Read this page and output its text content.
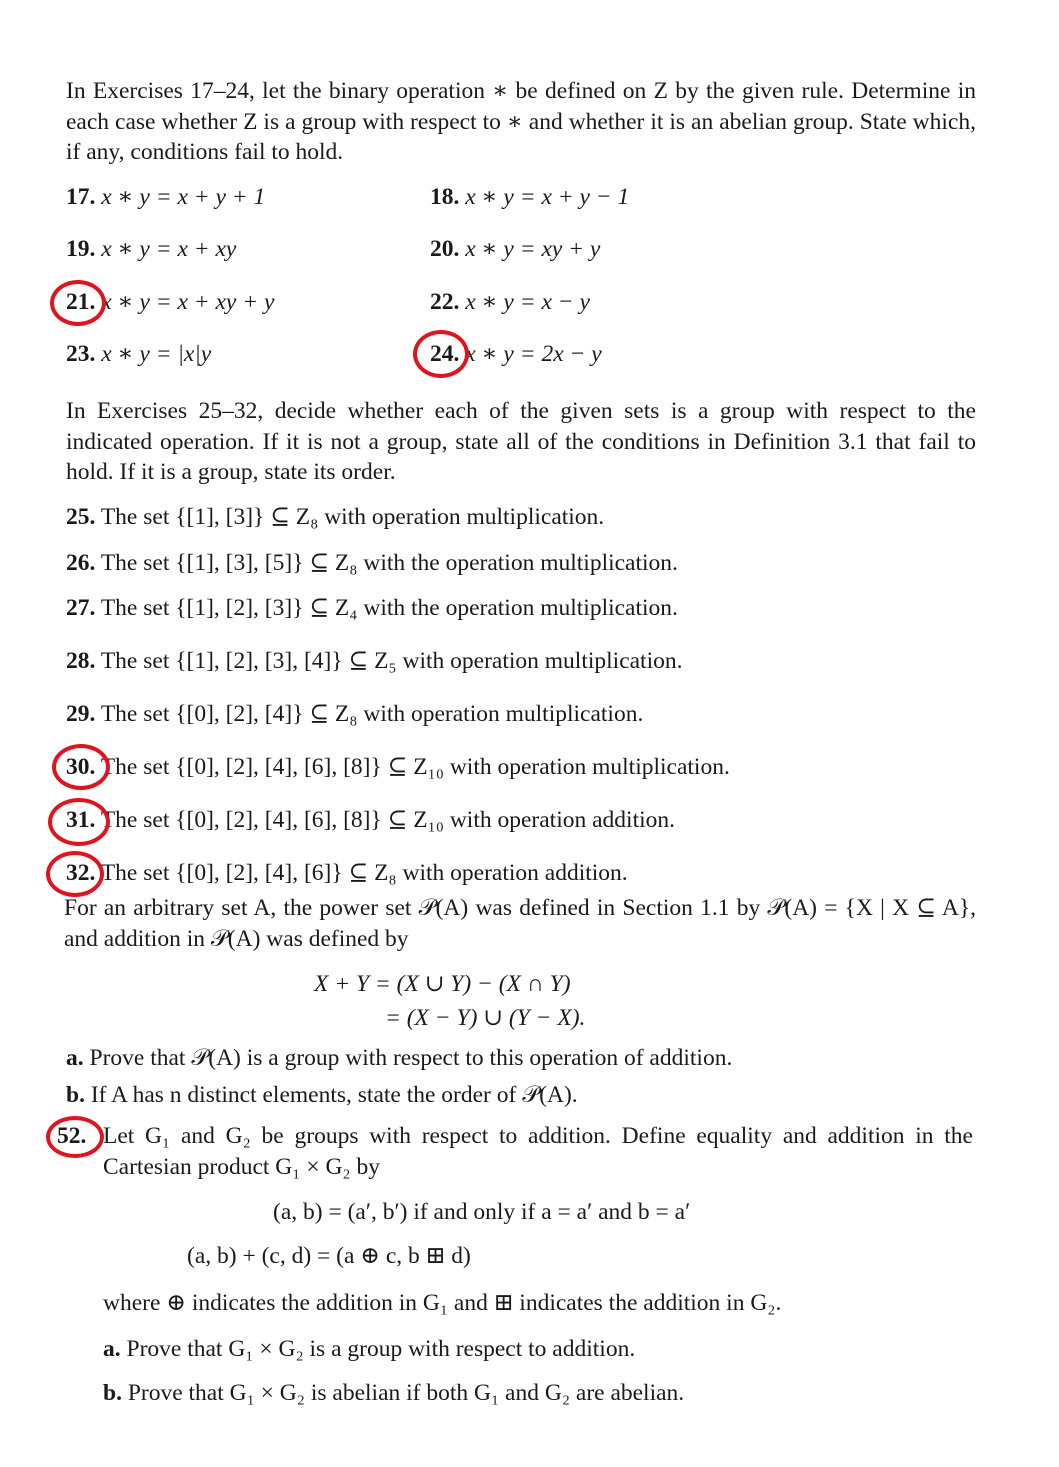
In Exercises 17–24, let the binary operation ∗ be defined on Z by the given rule. Determine in each case whether Z is a group with respect to ∗ and whether it is an abelian group. State which, if any, conditions fail to hold.
17. x ∗ y = x + y + 1	18. x ∗ y = x + y − 1
19. x ∗ y = x + xy	20. x ∗ y = xy + y
21. x ∗ y = x + xy + y	22. x ∗ y = x − y
23. x ∗ y = |x|y	24. x ∗ y = 2x − y
In Exercises 25–32, decide whether each of the given sets is a group with respect to the indicated operation. If it is not a group, state all of the conditions in Definition 3.1 that fail to hold. If it is a group, state its order.
25. The set {[1], [3]} ⊆ Z₈ with operation multiplication.
26. The set {[1], [3], [5]} ⊆ Z₈ with the operation multiplication.
27. The set {[1], [2], [3]} ⊆ Z₄ with the operation multiplication.
28. The set {[1], [2], [3], [4]} ⊆ Z₅ with operation multiplication.
29. The set {[0], [2], [4]} ⊆ Z₈ with operation multiplication.
30. The set {[0], [2], [4], [6], [8]} ⊆ Z₁₀ with operation multiplication.
31. The set {[0], [2], [4], [6], [8]} ⊆ Z₁₀ with operation addition.
32. The set {[0], [2], [4], [6]} ⊆ Z₈ with operation addition.
For an arbitrary set A, the power set 𝒫(A) was defined in Section 1.1 by 𝒫(A) = {X | X ⊆ A}, and addition in 𝒫(A) was defined by
X + Y = (X ∪ Y) − (X ∩ Y)
= (X − Y) ∪ (Y − X).
a. Prove that 𝒫(A) is a group with respect to this operation of addition.
b. If A has n distinct elements, state the order of 𝒫(A).
52. Let G₁ and G₂ be groups with respect to addition. Define equality and addition in the Cartesian product G₁ × G₂ by
(a, b) = (a′, b′) if and only if a = a′ and b = a′
(a, b) + (c, d) = (a ⊕ c, b ⊞ d)
where ⊕ indicates the addition in G₁ and ⊞ indicates the addition in G₂.
a. Prove that G₁ × G₂ is a group with respect to addition.
b. Prove that G₁ × G₂ is abelian if both G₁ and G₂ are abelian.
